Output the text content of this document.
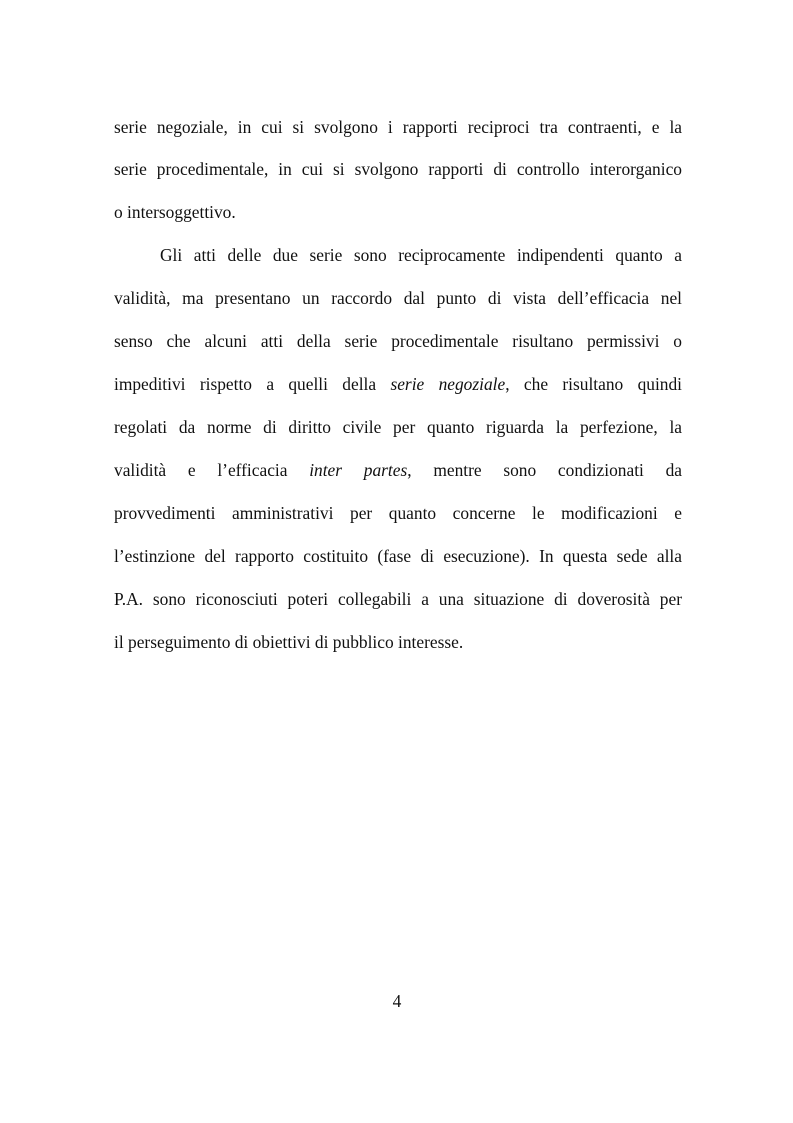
serie negoziale, in cui si svolgono i rapporti reciproci tra contraenti, e la
serie procedimentale, in cui si svolgono rapporti di controllo interorganico
o intersoggettivo.
Gli atti delle due serie sono reciprocamente indipendenti quanto a
validità, ma presentano un raccordo dal punto di vista dell’efficacia nel
senso che alcuni atti della serie procedimentale risultano permissivi o
impeditivi rispetto a quelli della serie negoziale, che risultano quindi
regolati da norme di diritto civile per quanto riguarda la perfezione, la
validità e l’efficacia inter partes, mentre sono condizionati da
provvedimenti amministrativi per quanto concerne le modificazioni e
l’estinzione del rapporto costituito (fase di esecuzione). In questa sede alla
P.A. sono riconosciuti poteri collegabili a una situazione di doverosità per
il perseguimento di obiettivi di pubblico interesse.
4
